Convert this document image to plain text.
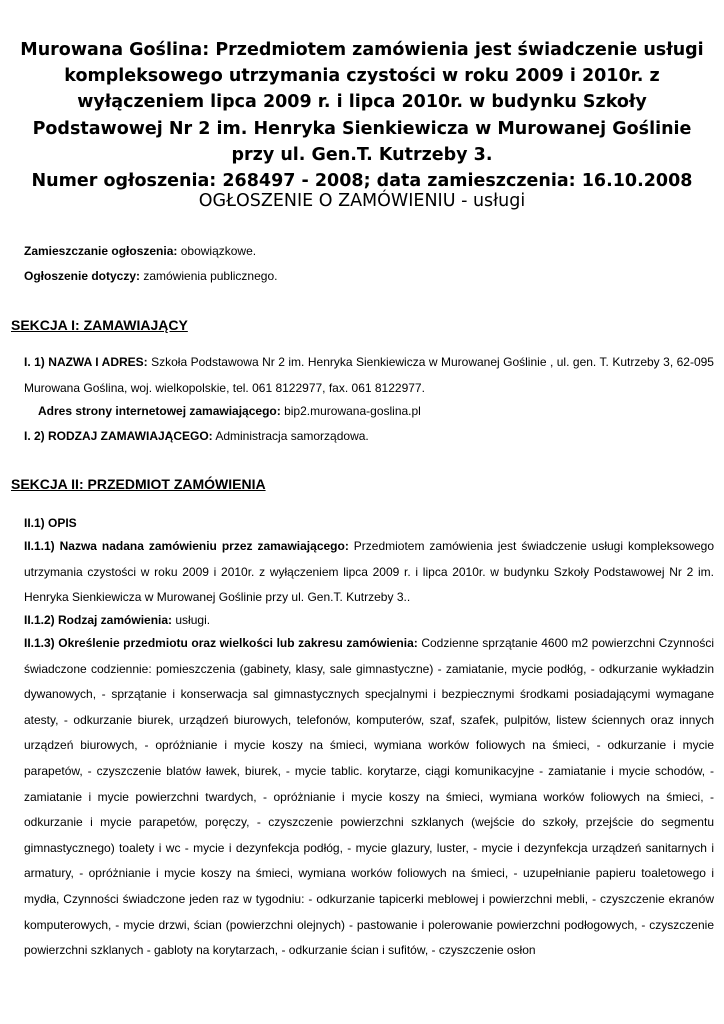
Murowana Goślina: Przedmiotem zamówienia jest świadczenie usługi kompleksowego utrzymania czystości w roku 2009 i 2010r. z wyłączeniem lipca 2009 r. i lipca 2010r. w budynku Szkoły Podstawowej Nr 2 im. Henryka Sienkiewicza w Murowanej Goślinie przy ul. Gen.T. Kutrzeby 3.
Numer ogłoszenia: 268497 - 2008; data zamieszczenia: 16.10.2008
OGŁOSZENIE O ZAMÓWIENIU - usługi
Zamieszczanie ogłoszenia: obowiązkowe.
Ogłoszenie dotyczy: zamówienia publicznego.
SEKCJA I: ZAMAWIAJĄCY
I. 1) NAZWA I ADRES: Szkoła Podstawowa Nr 2 im. Henryka Sienkiewicza w Murowanej Goślinie , ul. gen. T. Kutrzeby 3, 62-095 Murowana Goślina, woj. wielkopolskie, tel. 061 8122977, fax. 061 8122977.
Adres strony internetowej zamawiającego: bip2.murowana-goslina.pl
I. 2) RODZAJ ZAMAWIAJĄCEGO: Administracja samorządowa.
SEKCJA II: PRZEDMIOT ZAMÓWIENIA
II.1) OPIS
II.1.1) Nazwa nadana zamówieniu przez zamawiającego: Przedmiotem zamówienia jest świadczenie usługi kompleksowego utrzymania czystości w roku 2009 i 2010r. z wyłączeniem lipca 2009 r. i lipca 2010r. w budynku Szkoły Podstawowej Nr 2 im. Henryka Sienkiewicza w Murowanej Goślinie przy ul. Gen.T. Kutrzeby 3..
II.1.2) Rodzaj zamówienia: usługi.
II.1.3) Określenie przedmiotu oraz wielkości lub zakresu zamówienia: Codzienne sprzątanie 4600 m2 powierzchni Czynności świadczone codziennie: pomieszczenia (gabinety, klasy, sale gimnastyczne) - zamiatanie, mycie podłóg, - odkurzanie wykładzin dywanowych, - sprzątanie i konserwacja sal gimnastycznych specjalnymi i bezpiecznymi środkami posiadającymi wymagane atesty, - odkurzanie biurek, urządzeń biurowych, telefonów, komputerów, szaf, szafek, pulpitów, listew ściennych oraz innych urządzeń biurowych, - opróżnianie i mycie koszy na śmieci, wymiana worków foliowych na śmieci, - odkurzanie i mycie parapetów, - czyszczenie blatów ławek, biurek, - mycie tablic. korytarze, ciągi komunikacyjne - zamiatanie i mycie schodów, - zamiatanie i mycie powierzchni twardych, - opróżnianie i mycie koszy na śmieci, wymiana worków foliowych na śmieci, - odkurzanie i mycie parapetów, poręczy, - czyszczenie powierzchni szklanych (wejście do szkoły, przejście do segmentu gimnastycznego) toalety i wc - mycie i dezynfekcja podłóg, - mycie glazury, luster, - mycie i dezynfekcja urządzeń sanitarnych i armatury, - opróżnianie i mycie koszy na śmieci, wymiana worków foliowych na śmieci, - uzupełnianie papieru toaletowego i mydła, Czynności świadczone jeden raz w tygodniu: - odkurzanie tapicerki meblowej i powierzchni mebli, - czyszczenie ekranów komputerowych, - mycie drzwi, ścian (powierzchni olejnych) - pastowanie i polerowanie powierzchni podłogowych, - czyszczenie powierzchni szklanych - gabloty na korytarzach, - odkurzanie ścian i sufitów, - czyszczenie osłon
